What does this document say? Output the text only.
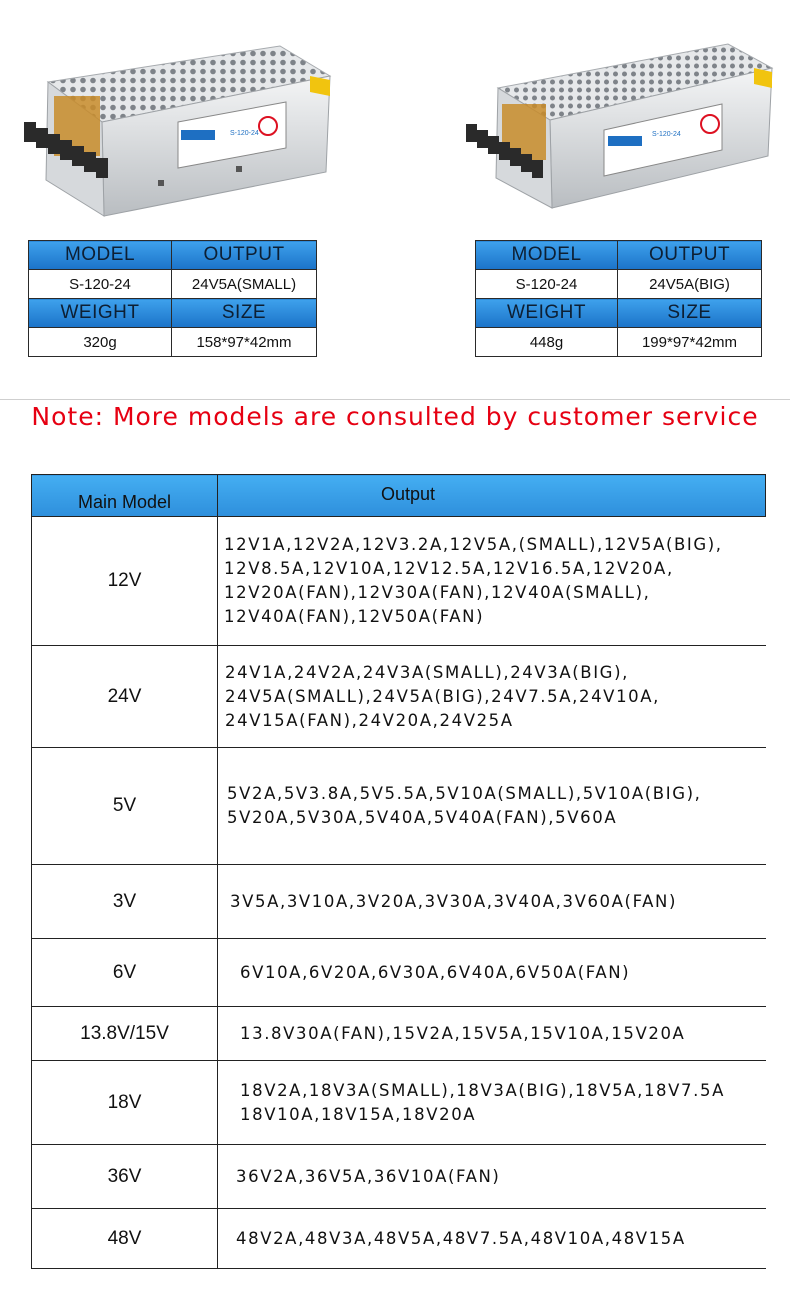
S-120-24
MODEL	OUTPUT
S-120-24	24V5A(SMALL)
WEIGHT	SIZE
320g	158*97*42mm
S-120-24
MODEL	OUTPUT
S-120-24	24V5A(BIG)
WEIGHT	SIZE
448g	199*97*42mm
Note: More models are consulted by customer service
Main Model	Output
12V	12V1A,12V2A,12V3.2A,12V5A,(SMALL),12V5A(BIG),
12V8.5A,12V10A,12V12.5A,12V16.5A,12V20A,
12V20A(FAN),12V30A(FAN),12V40A(SMALL),
12V40A(FAN),12V50A(FAN)

24V	24V1A,24V2A,24V3A(SMALL),24V3A(BIG),
24V5A(SMALL),24V5A(BIG),24V7.5A,24V10A,
24V15A(FAN),24V20A,24V25A

5V	5V2A,5V3.8A,5V5.5A,5V10A(SMALL),5V10A(BIG),
5V20A,5V30A,5V40A,5V40A(FAN),5V60A

3V	3V5A,3V10A,3V20A,3V30A,3V40A,3V60A(FAN)

6V	6V10A,6V20A,6V30A,6V40A,6V50A(FAN)

13.8V/15V	13.8V30A(FAN),15V2A,15V5A,15V10A,15V20A

18V	18V2A,18V3A(SMALL),18V3A(BIG),18V5A,18V7.5A
18V10A,18V15A,18V20A

36V	36V2A,36V5A,36V10A(FAN)

48V	48V2A,48V3A,48V5A,48V7.5A,48V10A,48V15A
